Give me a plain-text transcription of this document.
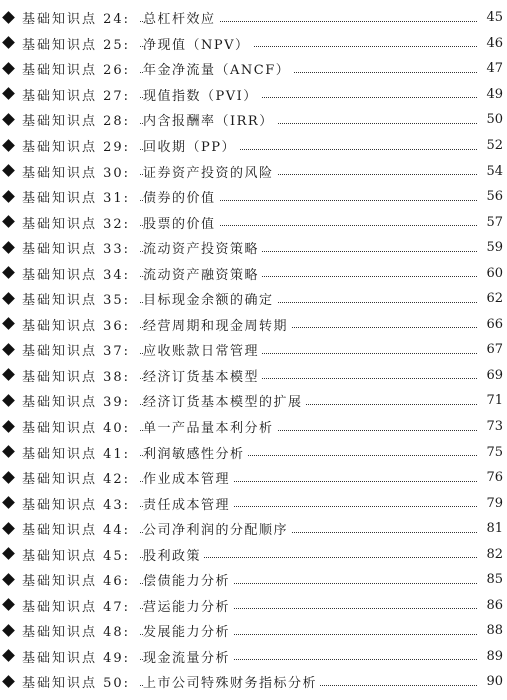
基础知识点 24: 总杠杆效应	45
基础知识点 25: 净现值（NPV）	46
基础知识点 26: 年金净流量（ANCF）	47
基础知识点 27: 现值指数（PVI）	49
基础知识点 28: 内含报酬率（IRR）	50
基础知识点 29: 回收期（PP）	52
基础知识点 30: 证券资产投资的风险	54
基础知识点 31: 债券的价值	56
基础知识点 32: 股票的价值	57
基础知识点 33: 流动资产投资策略	59
基础知识点 34: 流动资产融资策略	60
基础知识点 35: 目标现金余额的确定	62
基础知识点 36: 经营周期和现金周转期	66
基础知识点 37: 应收账款日常管理	67
基础知识点 38: 经济订货基本模型	69
基础知识点 39: 经济订货基本模型的扩展	71
基础知识点 40: 单一产品量本利分析	73
基础知识点 41: 利润敏感性分析	75
基础知识点 42: 作业成本管理	76
基础知识点 43: 责任成本管理	79
基础知识点 44: 公司净利润的分配顺序	81
基础知识点 45: 股利政策	82
基础知识点 46: 偿债能力分析	85
基础知识点 47: 营运能力分析	86
基础知识点 48: 发展能力分析	88
基础知识点 49: 现金流量分析	89
基础知识点 50: 上市公司特殊财务指标分析	90
